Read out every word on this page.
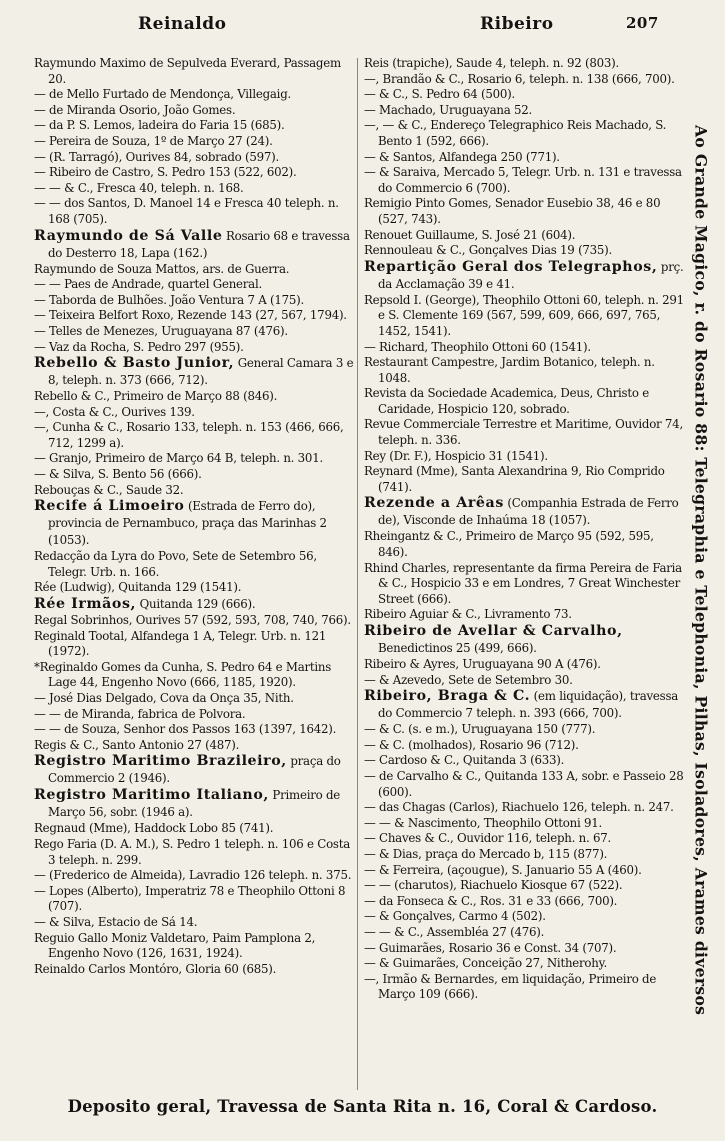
Reinaldo	Ribeiro	207

Raymundo Maximo de Sepulveda Everard, Passagem 20.

— de Mello Furtado de Mendonça, Villegaig.

— de Miranda Osorio, João Gomes.

— da P. S. Lemos, ladeira do Faria 15 (685).

— Pereira de Souza, 1º de Março 27 (24).

— (R. Tarragó), Ourives 84, sobrado (597).

— Ribeiro de Castro, S. Pedro 153 (522, 602).

— — & C., Fresca 40, teleph. n. 168.

— — dos Santos, D. Manoel 14 e Fresca 40 teleph. n. 168 (705).

Raymundo de Sá Valle Rosario 68 e travessa do Desterro 18, Lapa (162.)

Raymundo de Souza Mattos, ars. de Guerra.

— — Paes de Andrade, quartel General.

— Taborda de Bulhões. João Ventura 7 A (175).

— Teixeira Belfort Roxo, Rezende 143 (27, 567, 1794).

— Telles de Menezes, Uruguayana 87 (476).

— Vaz da Rocha, S. Pedro 297 (955).

Rebello & Basto Junior, General Camara 3 e 8, teleph. n. 373 (666, 712).

Rebello & C., Primeiro de Março 88 (846).

—, Costa & C., Ourives 139.

—, Cunha & C., Rosario 133, teleph. n. 153 (466, 666, 712, 1299 a).

— Granjo, Primeiro de Março 64 B, teleph. n. 301.

— & Silva, S. Bento 56 (666).

Rebouças & C., Saude 32.

Recife á Limoeiro (Estrada de Ferro do), provincia de Pernambuco, praça das Marinhas 2 (1053).

Redacção da Lyra do Povo, Sete de Setembro 56, Telegr. Urb. n. 166.

Rée (Ludwig), Quitanda 129 (1541).

Rée Irmãos, Quitanda 129 (666).

Regal Sobrinhos, Ourives 57 (592, 593, 708, 740, 766).

Reginald Tootal, Alfandega 1 A, Telegr. Urb. n. 121 (1972).

*Reginaldo Gomes da Cunha, S. Pedro 64 e Martins Lage 44, Engenho Novo (666, 1185, 1920).

— José Dias Delgado, Cova da Onça 35, Nith.

— — de Miranda, fabrica de Polvora.

— — de Souza, Senhor dos Passos 163 (1397, 1642).

Regis & C., Santo Antonio 27 (487).

Registro Maritimo Brazileiro, praça do Commercio 2 (1946).

Registro Maritimo Italiano, Primeiro de Março 56, sobr. (1946 a).

Regnaud (Mme), Haddock Lobo 85 (741).

Rego Faria (D. A. M.), S. Pedro 1 teleph. n. 106 e Costa 3 teleph. n. 299.

— (Frederico de Almeida), Lavradio 126 teleph. n. 375.

— Lopes (Alberto), Imperatriz 78 e Theophilo Ottoni 8 (707).

— & Silva, Estacio de Sá 14.

Reguio Gallo Moniz Valdetaro, Paim Pamplona 2, Engenho Novo (126, 1631, 1924).

Reinaldo Carlos Montóro, Gloria 60 (685).

Reis (trapiche), Saude 4, teleph. n. 92 (803).

—, Brandão & C., Rosario 6, teleph. n. 138 (666, 700).

— & C., S. Pedro 64 (500).

— Machado, Uruguayana 52.

—, — & C., Endereço Telegraphico Reis Machado, S. Bento 1 (592, 666).

— & Santos, Alfandega 250 (771).

— & Saraiva, Mercado 5, Telegr. Urb. n. 131 e travessa do Commercio 6 (700).

Remigio Pinto Gomes, Senador Eusebio 38, 46 e 80 (527, 743).

Renouet Guillaume, S. José 21 (604).

Rennouleau & C., Gonçalves Dias 19 (735).

Repartição Geral dos Telegraphos, prç. da Acclamação 39 e 41.

Repsold I. (George), Theophilo Ottoni 60, teleph. n. 291 e S. Clemente 169 (567, 599, 609, 666, 697, 765, 1452, 1541).

— Richard, Theophilo Ottoni 60 (1541).

Restaurant Campestre, Jardim Botanico, teleph. n. 1048.

Revista da Sociedade Academica, Deus, Christo e Caridade, Hospicio 120, sobrado.

Revue Commerciale Terrestre et Maritime, Ouvidor 74, teleph. n. 336.

Rey (Dr. F.), Hospicio 31 (1541).

Reynard (Mme), Santa Alexandrina 9, Rio Comprido (741).

Rezende a Arêas (Companhia Estrada de Ferro de), Visconde de Inhaúma 18 (1057).

Rheingantz & C., Primeiro de Março 95 (592, 595, 846).

Rhind Charles, representante da firma Pereira de Faria & C., Hospicio 33 e em Londres, 7 Great Winchester Street (666).

Ribeiro Aguiar & C., Livramento 73.

Ribeiro de Avellar & Carvalho, Benedictinos 25 (499, 666).

Ribeiro & Ayres, Uruguayana 90 A (476).

— & Azevedo, Sete de Setembro 30.

Ribeiro, Braga & C. (em liquidação), travessa do Commercio 7 teleph. n. 393 (666, 700).

— & C. (s. e m.), Uruguayana 150 (777).

— & C. (molhados), Rosario 96 (712).

— Cardoso & C., Quitanda 3 (633).

— de Carvalho & C., Quitanda 133 A, sobr. e Passeio 28 (600).

— das Chagas (Carlos), Riachuelo 126, teleph. n. 247.

— — & Nascimento, Theophilo Ottoni 91.

— Chaves & C., Ouvidor 116, teleph. n. 67.

— & Dias, praça do Mercado b, 115 (877).

— & Ferreira, (açougue), S. Januario 55 A (460).

— — (charutos), Riachuelo Kiosque 67 (522).

— da Fonseca & C., Ros. 31 e 33 (666, 700).

— & Gonçalves, Carmo 4 (502).

— — & C., Assembléa 27 (476).

— Guimarães, Rosario 36 e Const. 34 (707).

— & Guimarães, Conceição 27, Nitherohy.

—, Irmão & Bernardes, em liquidação, Primeiro de Março 109 (666).	Ao Grande Magico, r. do Rosario 88: Telegraphia e Telephonia, Pilhas, Isoladores, Arames diversos
Deposito geral, Travessa de Santa Rita n. 16, Coral & Cardoso.
